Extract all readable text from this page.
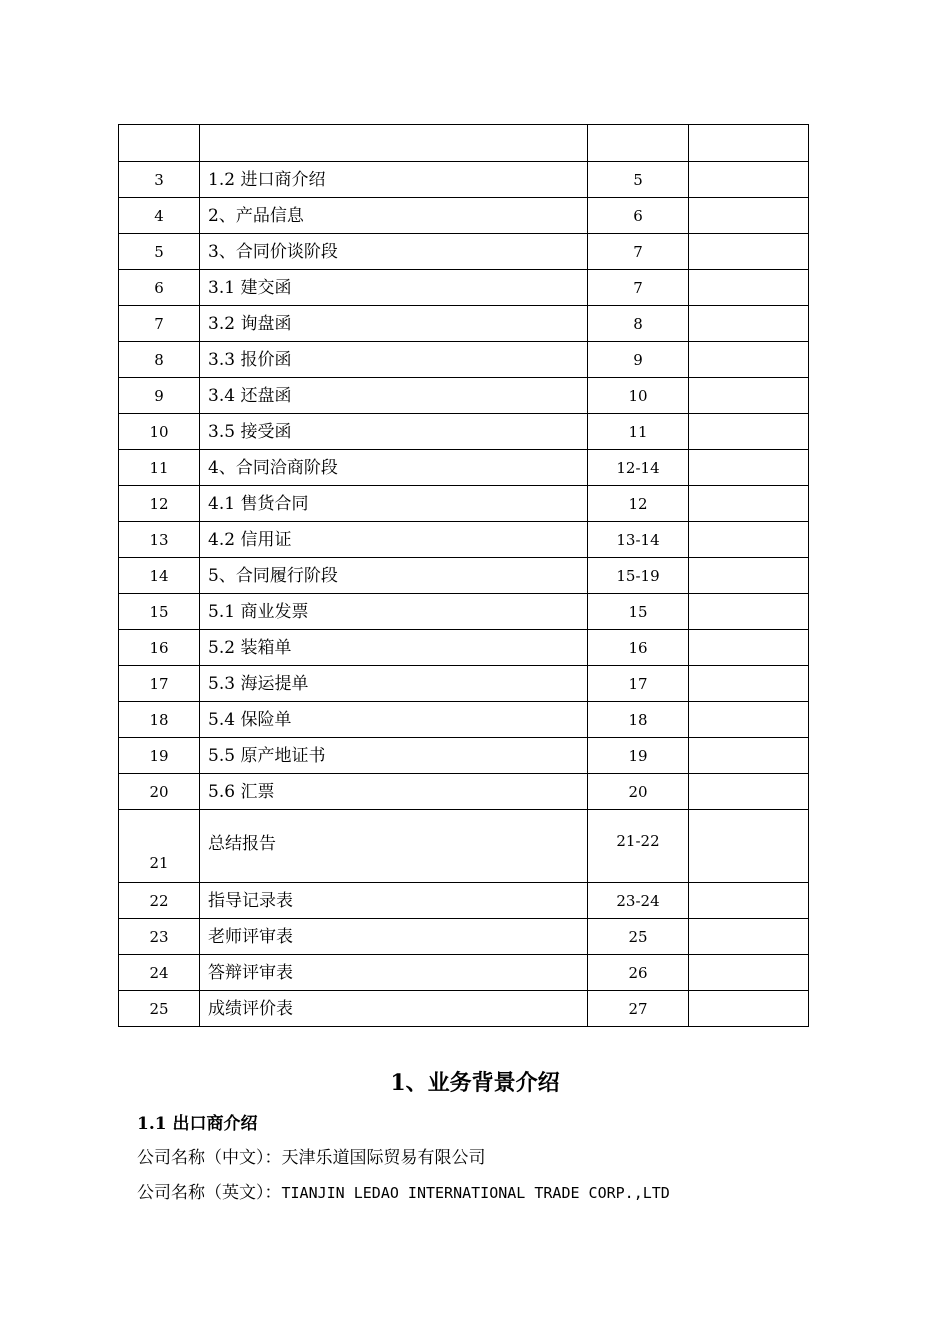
3	1.2 进口商介绍	5	
4	2、产品信息	6	
5	3、合同价谈阶段	7	
6	3.1 建交函	7	
7	3.2 询盘函	8	
8	3.3 报价函	9	
9	3.4 还盘函	10	
10	3.5 接受函	11	
11	4、合同洽商阶段	12-14	
12	4.1 售货合同	12	
13	4.2 信用证	13-14	
14	5、合同履行阶段	15-19	
15	5.1 商业发票	15	
16	5.2 装箱单	16	
17	5.3 海运提单	17	
18	5.4 保险单	18	
19	5.5 原产地证书	19	
20	5.6 汇票	20	
21	总结报告	21-22	
22	指导记录表	23-24	
23	老师评审表	25	
24	答辩评审表	26	
25	成绩评价表	27	
1、业务背景介绍
1.1 出口商介绍
公司名称（中文）：天津乐道国际贸易有限公司
公司名称（英文）：TIANJIN LEDAO INTERNATIONAL TRADE CORP.,LTD
